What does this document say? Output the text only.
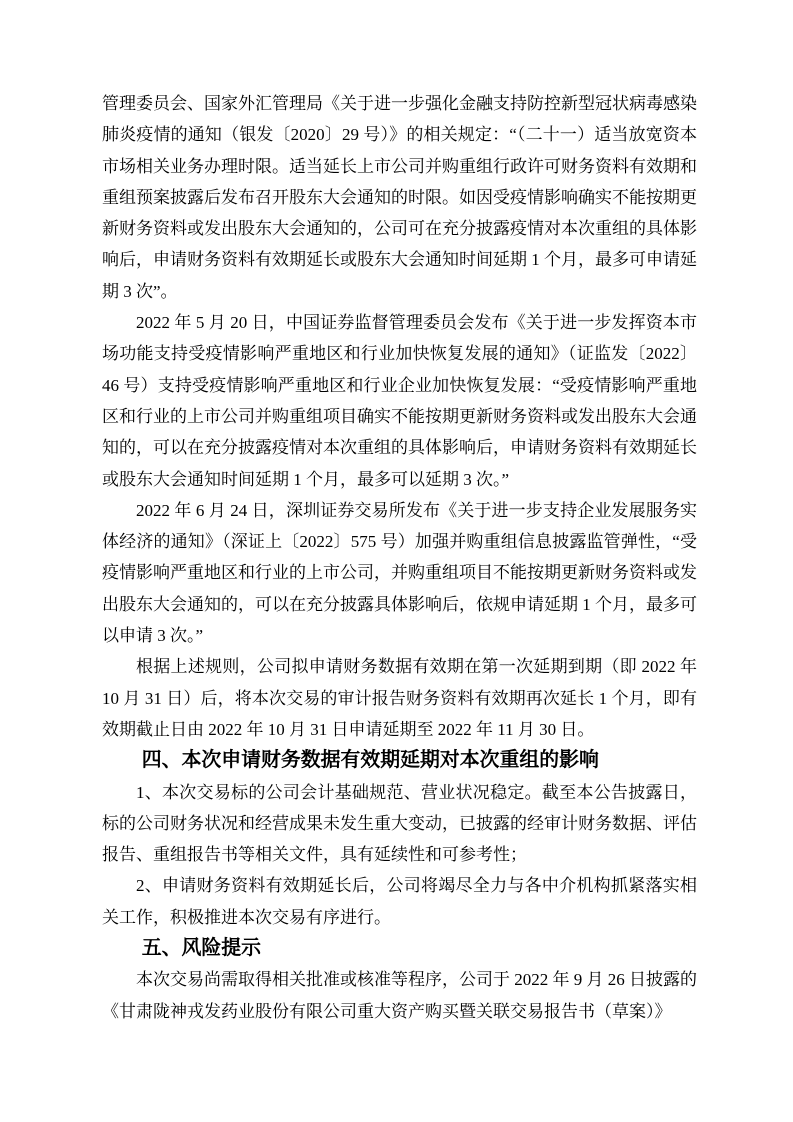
管理委员会、国家外汇管理局《关于进一步强化金融支持防控新型冠状病毒感染肺炎疫情的通知（银发〔2020〕29 号）》的相关规定：“（二十一）适当放宽资本市场相关业务办理时限。适当延长上市公司并购重组行政许可财务资料有效期和重组预案披露后发布召开股东大会通知的时限。如因受疫情影响确实不能按期更新财务资料或发出股东大会通知的，公司可在充分披露疫情对本次重组的具体影响后，申请财务资料有效期延长或股东大会通知时间延期 1 个月，最多可申请延期 3 次”。

2022 年 5 月 20 日，中国证券监督管理委员会发布《关于进一步发挥资本市场功能支持受疫情影响严重地区和行业加快恢复发展的通知》（证监发〔2022〕46 号）支持受疫情影响严重地区和行业企业加快恢复发展：“受疫情影响严重地区和行业的上市公司并购重组项目确实不能按期更新财务资料或发出股东大会通知的，可以在充分披露疫情对本次重组的具体影响后，申请财务资料有效期延长或股东大会通知时间延期 1 个月，最多可以延期 3 次。”

2022 年 6 月 24 日，深圳证券交易所发布《关于进一步支持企业发展服务实体经济的通知》（深证上〔2022〕575 号）加强并购重组信息披露监管弹性，“受疫情影响严重地区和行业的上市公司，并购重组项目不能按期更新财务资料或发出股东大会通知的，可以在充分披露具体影响后，依规申请延期 1 个月，最多可以申请 3 次。”

根据上述规则，公司拟申请财务数据有效期在第一次延期到期（即 2022 年 10 月 31 日）后，将本次交易的审计报告财务资料有效期再次延长 1 个月，即有效期截止日由 2022 年 10 月 31 日申请延期至 2022 年 11 月 30 日。

四、本次申请财务数据有效期延期对本次重组的影响

1、本次交易标的公司会计基础规范、营业状况稳定。截至本公告披露日，标的公司财务状况和经营成果未发生重大变动，已披露的经审计财务数据、评估报告、重组报告书等相关文件，具有延续性和可参考性；

2、申请财务资料有效期延长后，公司将竭尽全力与各中介机构抓紧落实相关工作，积极推进本次交易有序进行。

五、风险提示

本次交易尚需取得相关批准或核准等程序，公司于 2022 年 9 月 26 日披露的《甘肃陇神戎发药业股份有限公司重大资产购买暨关联交易报告书（草案）》
